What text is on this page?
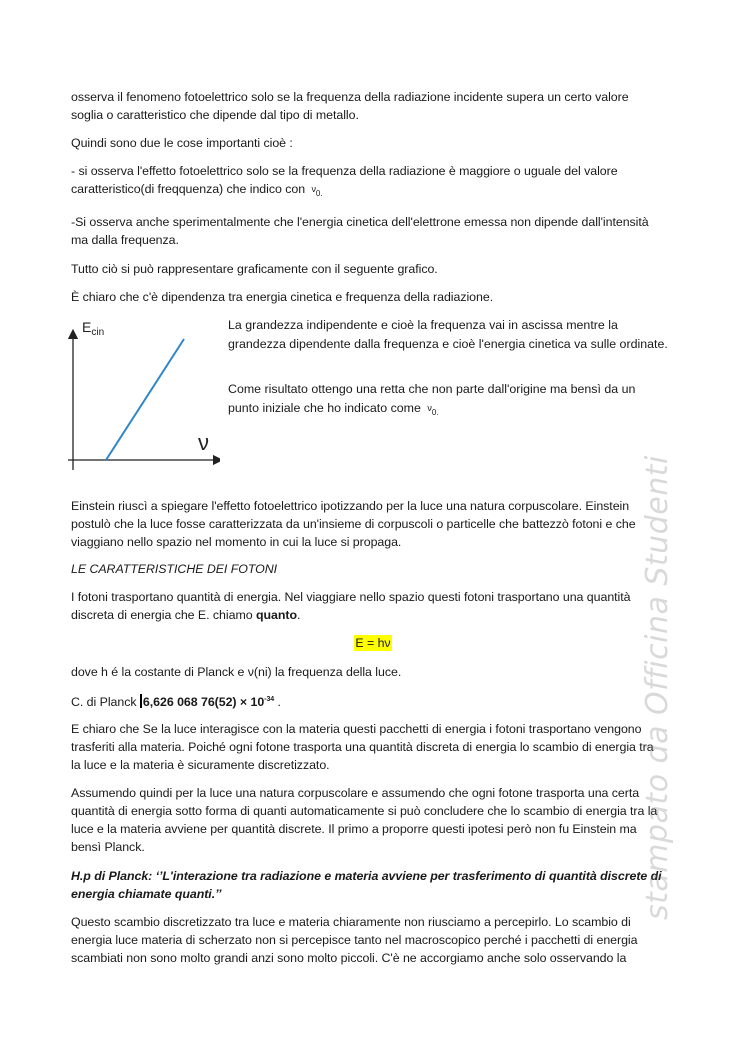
osserva il fenomeno fotoelettrico solo se la frequenza della radiazione incidente supera un certo valore
soglia o caratteristico che dipende dal tipo di metallo.

Quindi sono due le cose importanti cioè :

- si osserva l'effetto fotoelettrico solo se la frequenza della radiazione è maggiore o uguale del valore
caratteristico(di freqquenza) che indico con $\nu_{0.}$

-Si osserva anche sperimentalmente che l'energia cinetica dell'elettrone emessa non dipende dall'intensità
ma dalla frequenza.

Tutto ciò si può rappresentare graficamente con il seguente grafico.

È chiaro che c'è dipendenza tra energia cinetica e frequenza della radiazione.

$E_{cin}$
ν

La grandezza indipendente e cioè la frequenza vai in ascissa mentre la grandezza dipendente dalla frequenza e cioè l'energia cinetica va sulle ordinate.

Come risultato ottengo una retta che non parte dall'origine ma bensì da un punto iniziale che ho indicato come $\nu_{0.}$

Einstein riuscì a spiegare l'effetto fotoelettrico ipotizzando per la luce una natura corpuscolare. Einstein
postulò che la luce fosse caratterizzata da un'insieme di corpuscoli o particelle che battezzò fotoni e che
viaggiano nello spazio nel momento in cui la luce si propaga.

LE CARATTERISTICHE DEI FOTONI

I fotoni trasportano quantità di energia. Nel viaggiare nello spazio questi fotoni trasportano una quantità
discreta di energia che E. chiamo quanto.

E = hν

dove h é la costante di Planck e ν(ni) la frequenza della luce.

C. di Planck 6,626 068 $76(52) \times 10^{-34}$ .

E chiaro che Se la luce interagisce con la materia questi pacchetti di energia i fotoni trasportano vengono
trasferiti alla materia. Poiché ogni fotone trasporta una quantità discreta di energia lo scambio di energia tra
la luce e la materia è sicuramente discretizzato.

Assumendo quindi per la luce una natura corpuscolare e assumendo che ogni fotone trasporta una certa
quantità di energia sotto forma di quanti automaticamente si può concludere che lo scambio di energia tra la
luce e la materia avviene per quantità discrete. Il primo a proporre questi ipotesi però non fu Einstein ma
bensì Planck.

H.p di Planck: ‘’L'interazione tra radiazione e materia avviene per trasferimento di quantità discrete di
energia chiamate quanti.’’

Questo scambio discretizzato tra luce e materia chiaramente non riusciamo a percepirlo. Lo scambio di
energia luce materia di scherzato non si percepisce tanto nel macroscopico perché i pacchetti di energia
scambiati non sono molto grandi anzi sono molto piccoli. C'è ne accorgiamo anche solo osservando la

stampato da Officina Studenti
